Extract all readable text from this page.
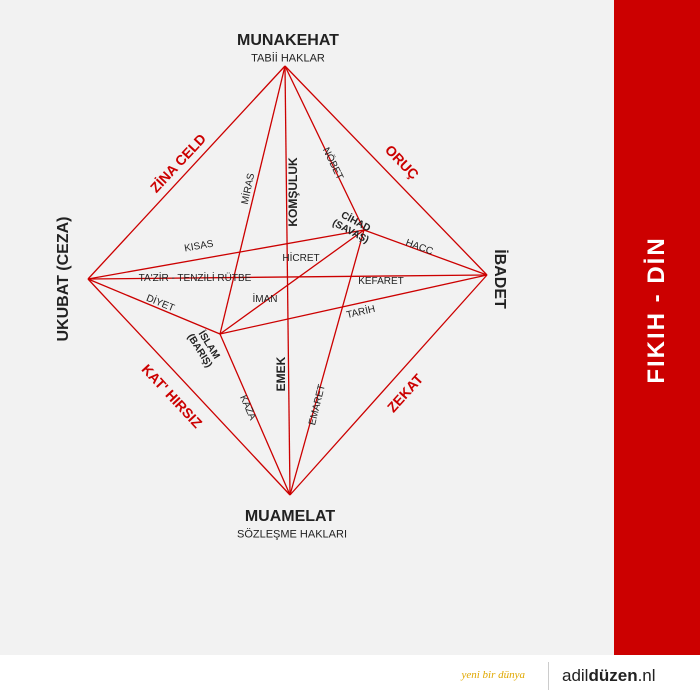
MUNAKEHAT
TABİİ HAKLAR
MUAMELAT
SÖZLEŞME HAKLARI
UKUBAT (CEZA)	İBADET
ZİNA CELD	ORUÇ
KAT' HIRSIZ	ZEKAT
CİHAD
(SAVAŞ)
İSLAM
(BARIŞ)
KOMŞULUK
EMEK
MİRAS
NÖBET
KISAS	HACC
HİCRET
TA'ZİR - TENZİLİ RÜTBE	KEFARET
İMAN
DİYET	TARİH
KAZA	EMARET
FIKIH - DİN
yeni bir dünya adildüzen.nl
